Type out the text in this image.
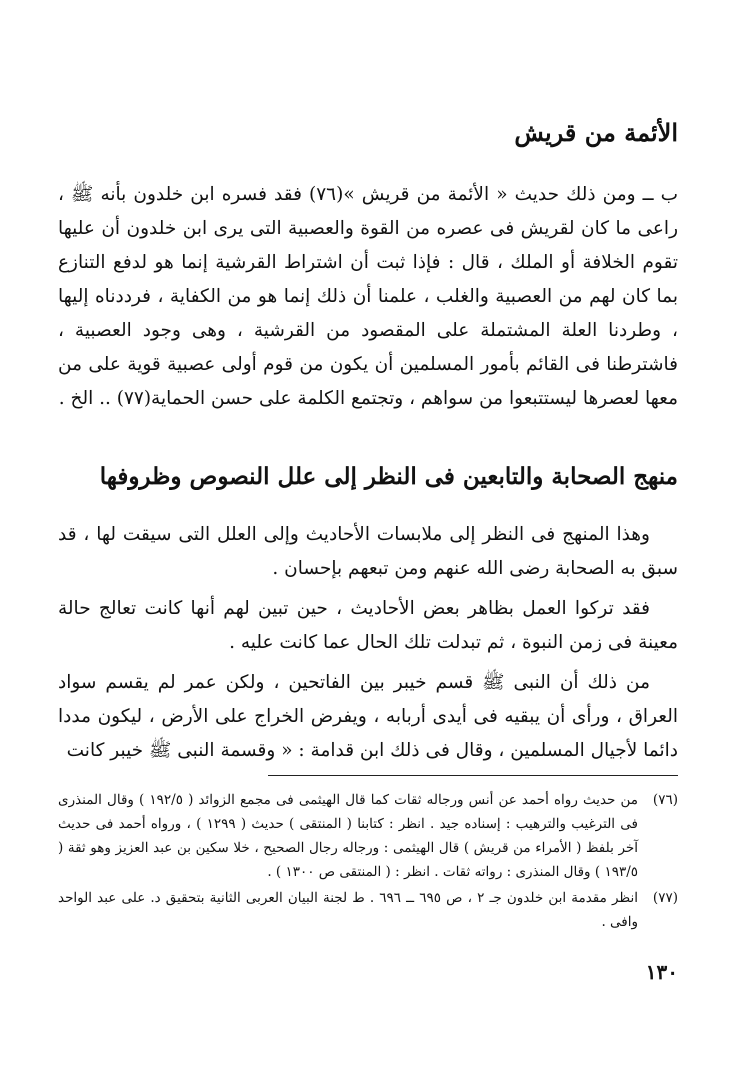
الأئمة من قريش

ب ــ ومن ذلك حديث « الأئمة من قريش »(٧٦) فقد فسره ابن خلدون بأنه ﷺ ، راعى ما كان لقريش فى عصره من القوة والعصبية التى يرى ابن خلدون أن عليها تقوم الخلافة أو الملك ، قال : فإذا ثبت أن اشتراط القرشية إنما هو لدفع التنازع بما كان لهم من العصبية والغلب ، علمنا أن ذلك إنما هو من الكفاية ، فرددناه إليها ، وطردنا العلة المشتملة على المقصود من القرشية ، وهى وجود العصبية ، فاشترطنا فى القائم بأمور المسلمين أن يكون من قوم أولى عصبية قوية على من معها لعصرها ليستتبعوا من سواهم ، وتجتمع الكلمة على حسن الحماية(٧٧) .. الخ .

منهج الصحابة والتابعين فى النظر إلى علل النصوص وظروفها

وهذا المنهج فى النظر إلى ملابسات الأحاديث وإلى العلل التى سيقت لها ، قد سبق به الصحابة رضى الله عنهم ومن تبعهم بإحسان .

فقد تركوا العمل بظاهر بعض الأحاديث ، حين تبين لهم أنها كانت تعالج حالة معينة فى زمن النبوة ، ثم تبدلت تلك الحال عما كانت عليه .

من ذلك أن النبى ﷺ قسم خيبر بين الفاتحين ، ولكن عمر لم يقسم سواد العراق ، ورأى أن يبقيه فى أيدى أربابه ، ويفرض الخراج على الأرض ، ليكون مددا دائما لأجيال المسلمين ، وقال فى ذلك ابن قدامة : « وقسمة النبى ﷺ خيبر كانت

(٧٦)
من حديث رواه أحمد عن أنس ورجاله ثقات كما قال الهيثمى فى مجمع الزوائد ( ١٩٢/٥ ) وقال المنذرى فى الترغيب والترهيب : إسناده جيد . انظر : كتابنا ( المنتقى ) حديث ( ١٢٩٩ ) ، ورواه أحمد فى حديث آخر بلفظ ( الأمراء من قريش ) قال الهيثمى : ورجاله رجال الصحيح ، خلا سكين بن عبد العزيز وهو ثقة ( ١٩٣/٥ ) وقال المنذرى : رواته ثقات . انظر : ( المنتقى ص ١٣٠٠ ) .
(٧٧)
انظر مقدمة ابن خلدون جـ ٢ ، ص ٦٩٥ ــ ٦٩٦ . ط لجنة البيان العربى الثانية بتحقيق د. على عبد الواحد وافى .
١٣٠
